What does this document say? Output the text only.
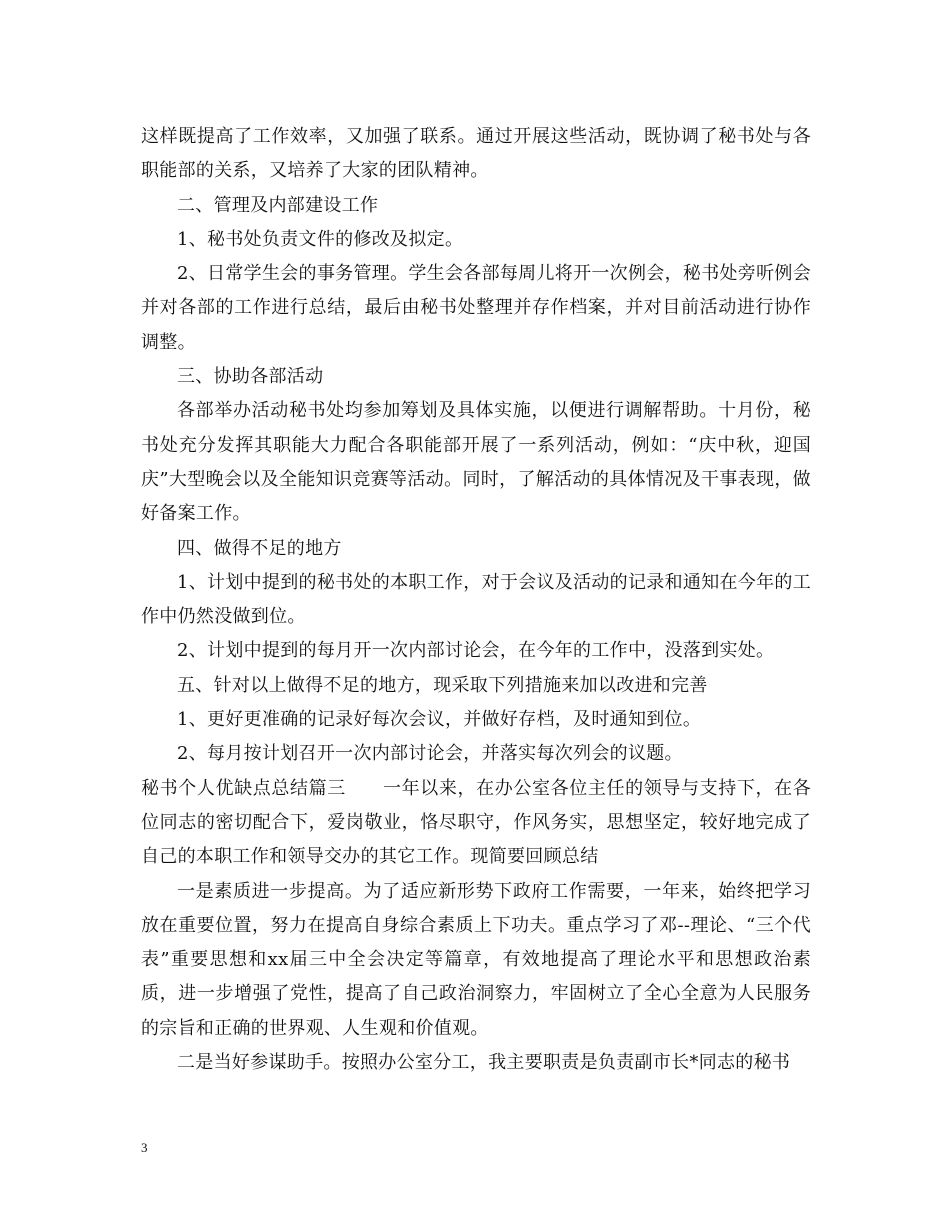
这样既提高了工作效率，又加强了联系。通过开展这些活动，既协调了秘书处与各职能部的关系，又培养了大家的团队精神。

二、管理及内部建设工作

1、秘书处负责文件的修改及拟定。

2、日常学生会的事务管理。学生会各部每周儿将开一次例会，秘书处旁听例会并对各部的工作进行总结，最后由秘书处整理并存作档案，并对目前活动进行协作调整。

三、协助各部活动

各部举办活动秘书处均参加筹划及具体实施，以便进行调解帮助。十月份，秘书处充分发挥其职能大力配合各职能部开展了一系列活动，例如：“庆中秋，迎国庆”大型晚会以及全能知识竞赛等活动。同时，了解活动的具体情况及干事表现，做好备案工作。

四、做得不足的地方

1、计划中提到的秘书处的本职工作，对于会议及活动的记录和通知在今年的工作中仍然没做到位。

2、计划中提到的每月开一次内部讨论会，在今年的工作中，没落到实处。

五、针对以上做得不足的地方，现采取下列措施来加以改进和完善

1、更好更准确的记录好每次会议，并做好存档，及时通知到位。

2、每月按计划召开一次内部讨论会，并落实每次列会的议题。

秘书个人优缺点总结篇三　　一年以来，在办公室各位主任的领导与支持下，在各位同志的密切配合下，爱岗敬业，恪尽职守，作风务实，思想坚定，较好地完成了自己的本职工作和领导交办的其它工作。现简要回顾总结

一是素质进一步提高。为了适应新形势下政府工作需要，一年来，始终把学习放在重要位置，努力在提高自身综合素质上下功夫。重点学习了邓--理论、“三个代表”重要思想和xx届三中全会决定等篇章，有效地提高了理论水平和思想政治素质，进一步增强了党性，提高了自己政治洞察力，牢固树立了全心全意为人民服务的宗旨和正确的世界观、人生观和价值观。

二是当好参谋助手。按照办公室分工，我主要职责是负责副市长*同志的秘书

3
